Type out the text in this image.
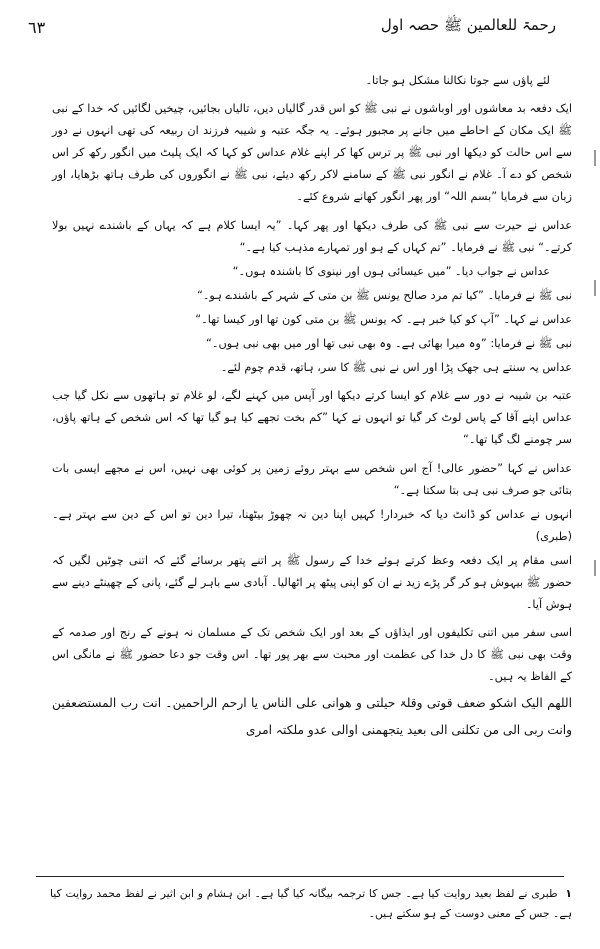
٦٣	رحمۃ للعالمین ﷺ حصہ اول

لئے پاؤں سے جوتا نکالنا مشکل ہو جاتا۔

ایک دفعہ بد معاشوں اور اوباشوں نے نبی ﷺ کو اس قدر گالیاں دیں، تالیاں بجائیں، چیخیں لگائیں کہ خدا کے نبی ﷺ ایک مکان کے احاطے میں جانے پر مجبور ہوئے۔ یہ جگہ عتبہ و شیبہ فرزند ان ربیعہ کی تھی انہوں نے دور سے اس حالت کو دیکھا اور نبی ﷺ پر ترس کھا کر اپنے غلام عداس کو کہا کہ ایک پلیٹ میں انگور رکھ کر اس شخص کو دے آ۔ غلام نے انگور نبی ﷺ کے سامنے لاکر رکھ دیئے، نبی ﷺ نے انگوروں کی طرف ہاتھ بڑھایا، اور زبان سے فرمایا ”بسم اللہ“ اور پھر انگور کھانے شروع کئے۔

عداس نے حیرت سے نبی ﷺ کی طرف دیکھا اور پھر کہا۔ ”یہ ایسا کلام ہے کہ یہاں کے باشندے نہیں بولا کرتے۔“ نبی ﷺ نے فرمایا۔ ”تم کہاں کے ہو اور تمہارے مذہب کیا ہے۔“

عداس نے جواب دیا۔ ”میں عیسائی ہوں اور نینوی کا باشندہ ہوں۔“

نبی ﷺ نے فرمایا۔ ”کیا تم مرد صالح یونس ﷺ بن متی کے شہر کے باشندے ہو۔“

عداس نے کہا۔ ”آپ کو کیا خبر ہے۔ کہ یونس ﷺ بن متی کون تھا اور کیسا تھا۔“

نبی ﷺ نے فرمایا: ”وہ میرا بھائی ہے۔ وہ بھی نبی تھا اور میں بھی نبی ہوں۔“

عداس یہ سنتے ہی جھک پڑا اور اس نے نبی ﷺ کا سر، ہاتھ، قدم چوم لئے۔

عتبہ بن شیبہ نے دور سے غلام کو ایسا کرتے دیکھا اور آپس میں کہنے لگے، لو غلام تو ہاتھوں سے نکل گیا جب عداس اپنے آقا کے پاس لوٹ کر گیا تو انہوں نے کہا ”کم بخت تجھے کیا ہو گیا تھا کہ اس شخص کے ہاتھ پاؤں، سر چومنے لگ گیا تھا۔“

عداس نے کہا ”حضور عالی! آج اس شخص سے بہتر روئے زمین پر کوئی بھی نہیں، اس نے مجھے ایسی بات بتائی جو صرف نبی ہی بتا سکتا ہے۔“

انہوں نے عداس کو ڈانٹ دیا کہ خبردار! کہیں اپنا دین نہ چھوڑ بیٹھنا، تیرا دین تو اس کے دین سے بہتر ہے۔ (طبری)

اسی مقام پر ایک دفعہ وعظ کرتے ہوئے خدا کے رسول ﷺ پر اتنے پتھر برسائے گئے کہ اتنی چوٹیں لگیں کہ حضور ﷺ بیہوش ہو کر گر پڑے زید نے ان کو اپنی پیٹھ پر اٹھالیا۔ آبادی سے باہر لے گئے، پانی کے چھینٹے دینے سے ہوش آیا۔

اسی سفر میں اتنی تکلیفوں اور ایذاؤں کے بعد اور ایک شخص تک کے مسلمان نہ ہونے کے رنج اور صدمہ کے وقت بھی نبی ﷺ کا دل خدا کی عظمت اور محبت سے بھر پور تھا۔ اس وقت جو دعا حضور ﷺ نے مانگی اس کے الفاظ یہ ہیں۔

اللھم الیک اشکو ضعف قوتی وقلۃ حیلتی و ھوانی علی الناس یا ارحم الراحمین۔ انت رب المستضعفین وانت ربی الی من تکلنی الی بعید یتجھمنی اوالی عدو ملکتہ امری

١ طبری نے لفظ بعید روایت کیا ہے۔ جس کا ترجمہ بیگانہ کیا گیا ہے۔ ابن ہشام و ابن اثیر نے لفظ محمد روایت کیا ہے۔ جس کے معنی دوست کے ہو سکتے ہیں۔
